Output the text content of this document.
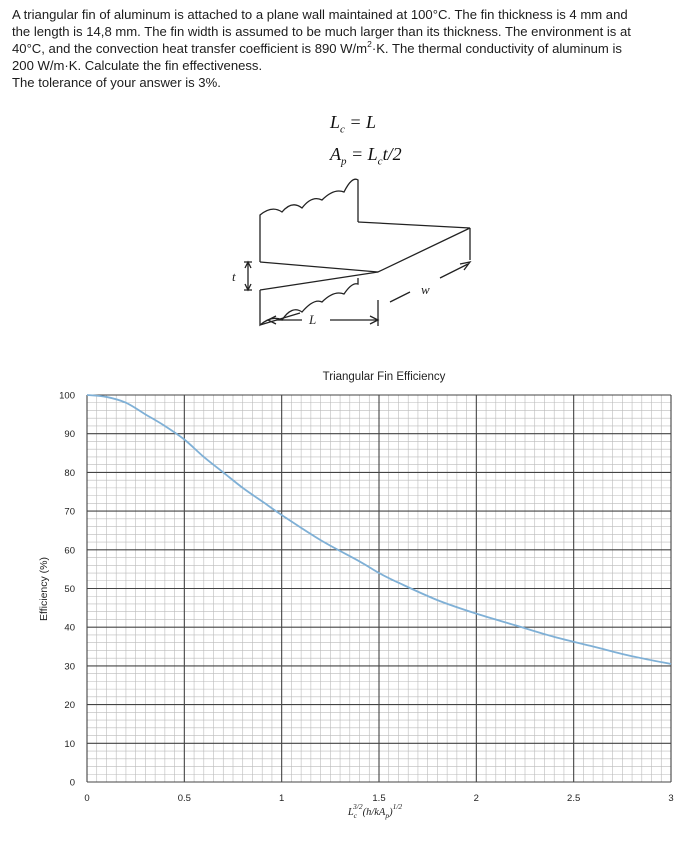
A triangular fin of aluminum is attached to a plane wall maintained at 100°C. The fin thickness is 4 mm and

the length is 14,8 mm. The fin width is assumed to be much larger than its thickness. The environment is at

40°C, and the convection heat transfer coefficient is 890 $W/m^2\cdot K$. The thermal conductivity of aluminum is

200 W/m·K. Calculate the fin effectiveness.

The tolerance of your answer is 3%.

$L_c = L$
$A_p = L_ct/2$
t
L
w
Triangular Fin Efficiency
0
10
20
30
40
50
60
70
80
90
100
0	0.5	1	1.5	2	2.5	3
Efficiency (%)
$L_c3/2(h/kA_p)^{1/2}$
